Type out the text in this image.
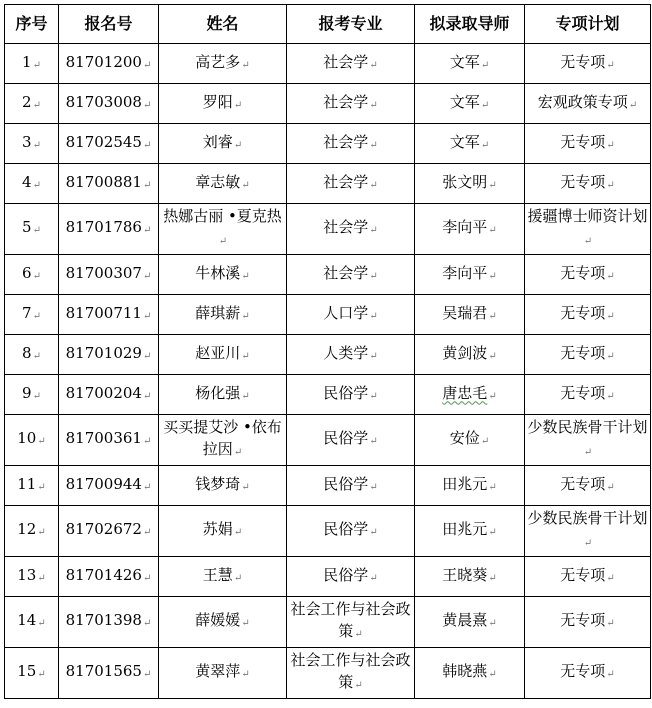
序号	报名号	姓名	报考专业	拟录取导师	专项计划
1↵	81701200↵	高艺多↵	社会学↵	文军↵	无专项↵
2↵	81703008↵	罗阳↵	社会学↵	文军↵	宏观政策专项↵
3↵	81702545↵	刘睿↵	社会学↵	文军↵	无专项↵
4↵	81700881↵	章志敏↵	社会学↵	张文明↵	无专项↵
5↵	81701786↵	热娜古丽 •夏克热↵	社会学↵	李向平↵	援疆博士师资计划↵
6↵	81700307↵	牛林溪↵	社会学↵	李向平↵	无专项↵
7↵	81700711↵	薛琪薪↵	人口学↵	吴瑞君↵	无专项↵
8↵	81701029↵	赵亚川↵	人类学↵	黄剑波↵	无专项↵
9↵	81700204↵	杨化强↵	民俗学↵	唐忠毛↵	无专项↵
10↵	81700361↵	买买提艾沙 •依布拉因↵	民俗学↵	安俭↵	少数民族骨干计划↵
11↵	81700944↵	钱梦琦↵	民俗学↵	田兆元↵	无专项↵
12↵	81702672↵	苏娟↵	民俗学↵	田兆元↵	少数民族骨干计划↵
13↵	81701426↵	王慧↵	民俗学↵	王晓葵↵	无专项↵
14↵	81701398↵	薛媛媛↵	社会工作与社会政策↵	黄晨熹↵	无专项↵
15↵	81701565↵	黄翠萍↵	社会工作与社会政策↵	韩晓燕↵	无专项↵
